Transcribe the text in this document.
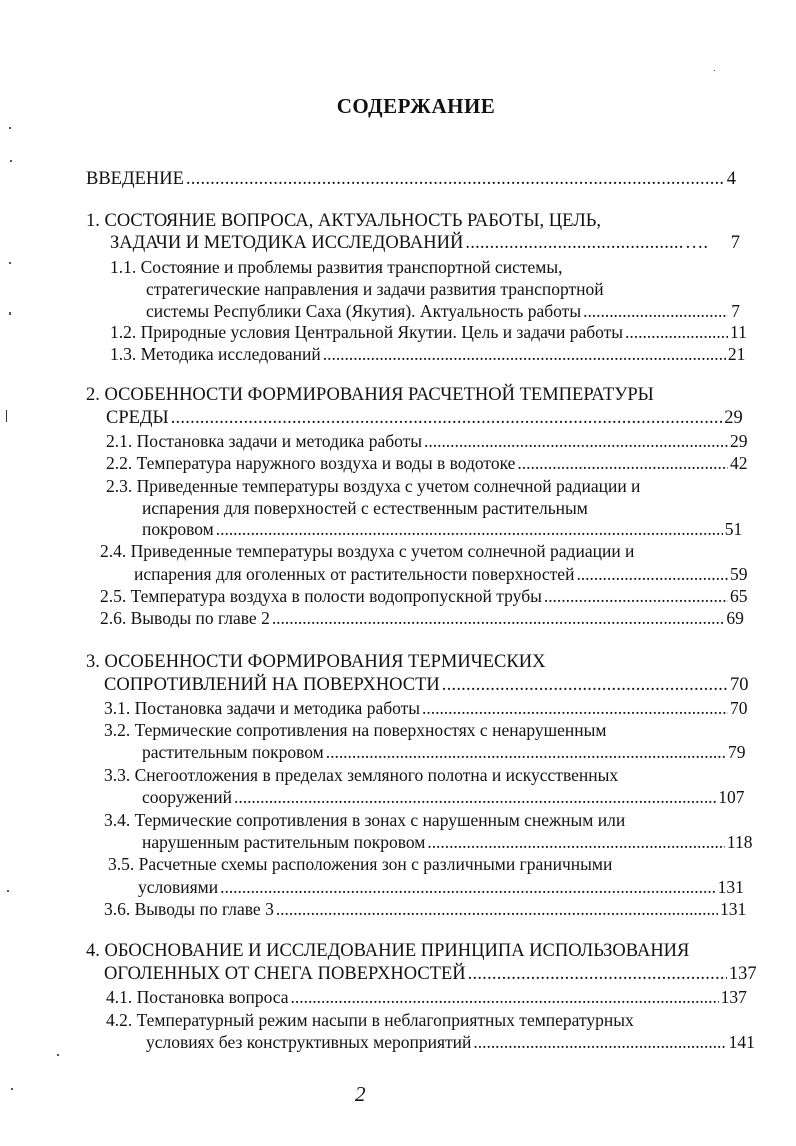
СОДЕРЖАНИЕ
ВВЕДЕНИЕ . . .	4
1. СОСТОЯНИЕ ВОПРОСА, АКТУАЛЬНОСТЬ РАБОТЫ, ЦЕЛЬ,
ЗАДАЧИ И МЕТОДИКА ИССЛЕДОВАНИЙ . . .	…. 7
1.1. Состояние и проблемы развития транспортной системы,
стратегические направления и задачи развития транспортной
системы Республики Саха (Якутия). Актуальность работы . . .	7
1.2. Природные условия Центральной Якутии. Цель и задачи работы . . .	11
1.3. Методика исследований . . .	21
2. ОСОБЕННОСТИ ФОРМИРОВАНИЯ РАСЧЕТНОЙ ТЕМПЕРАТУРЫ
СРЕДЫ . . .	29
2.1. Постановка задачи и методика работы . . .	29
2.2. Температура наружного воздуха и воды в водотоке . . .	42
2.3. Приведенные температуры воздуха с учетом солнечной радиации и
испарения для поверхностей с естественным растительным
покровом . . .	51
2.4. Приведенные температуры воздуха с учетом солнечной радиации и
испарения для оголенных от растительности поверхностей . . .	59
2.5. Температура воздуха в полости водопропускной трубы . . .	65
2.6. Выводы по главе 2 . . .	69
3. ОСОБЕННОСТИ ФОРМИРОВАНИЯ ТЕРМИЧЕСКИХ
СОПРОТИВЛЕНИЙ НА ПОВЕРХНОСТИ . . .	70
3.1. Постановка задачи и методика работы . . .	70
3.2. Термические сопротивления на поверхностях с ненарушенным
растительным покровом . . .	79
3.3. Снегоотложения в пределах земляного полотна и искусственных
сооружений . . .	107
3.4. Термические сопротивления в зонах с нарушенным снежным или
нарушенным растительным покровом . . .	118
3.5. Расчетные схемы расположения зон с различными граничными
условиями . . .	131
3.6. Выводы по главе 3 . . .	131
4. ОБОСНОВАНИЕ И ИССЛЕДОВАНИЕ ПРИНЦИПА ИСПОЛЬЗОВАНИЯ
ОГОЛЕННЫХ ОТ СНЕГА ПОВЕРХНОСТЕЙ . . .	137
4.1. Постановка вопроса . . .	137
4.2. Температурный режим насыпи в неблагоприятных температурных
условиях без конструктивных мероприятий . . .	141
2
